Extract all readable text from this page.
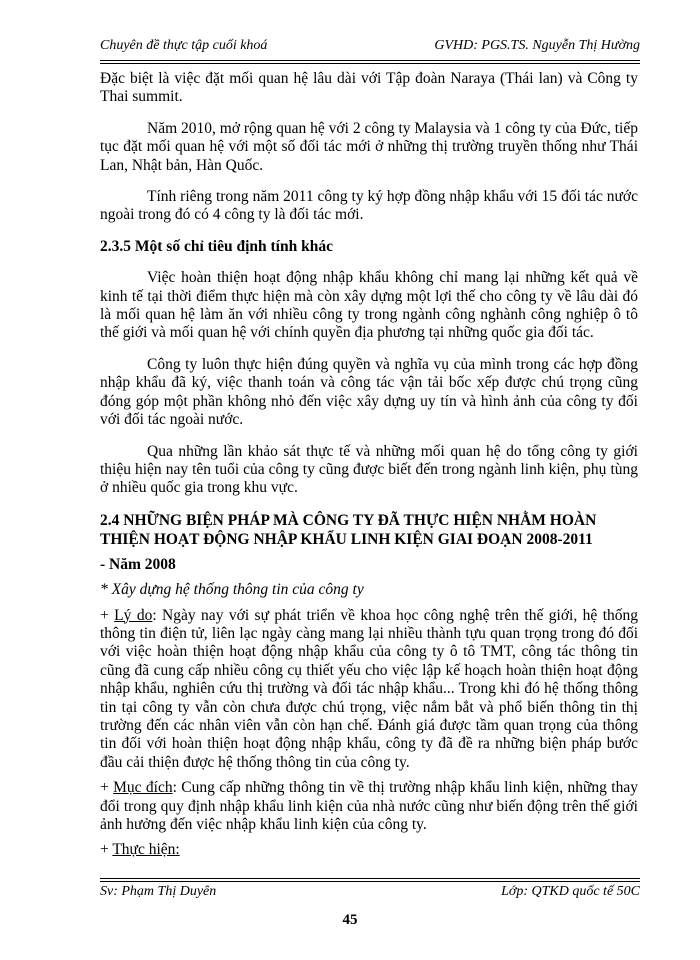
Chuyên đề thực tập cuối khoá	GVHD: PGS.TS. Nguyễn Thị Hường

Đặc biệt là việc đặt mối quan hệ lâu dài với Tập đoàn Naraya (Thái lan) và Công ty Thai summit.

Năm 2010, mở rộng quan hệ với 2 công ty Malaysia và 1 công ty của Đức, tiếp tục đặt mối quan hệ với một số đối tác mới ở những thị trường truyền thống như Thái Lan, Nhật bản, Hàn Quốc.

Tính riêng trong năm 2011 công ty ký hợp đồng nhập khẩu với 15 đối tác nước ngoài trong đó có 4 công ty là đối tác mới.

2.3.5 Một số chỉ tiêu định tính khác

Việc hoàn thiện hoạt động nhập khẩu không chỉ mang lại những kết quả về kinh tế tại thời điểm thực hiện mà còn xây dựng một lợi thế cho công ty về lâu dài đó là mối quan hệ làm ăn với nhiều công ty trong ngành công nghành công nghiệp ô tô thế giới và mối quan hệ với chính quyền địa phương tại những quốc gia đối tác.

Công ty luôn thực hiện đúng quyền và nghĩa vụ của mình trong các hợp đồng nhập khẩu đã ký, việc thanh toán và công tác vận tải bốc xếp được chú trọng cũng đóng góp một phần không nhỏ đến việc xây dựng uy tín và hình ảnh của công ty đối với đối tác ngoài nước.

Qua những lần khảo sát thực tế và những mối quan hệ do tổng công ty giới thiệu hiện nay tên tuổi của công ty cũng được biết đến trong ngành linh kiện, phụ tùng ở nhiều quốc gia trong khu vực.

2.4 NHỮNG BIỆN PHÁP MÀ CÔNG TY ĐÃ THỰC HIỆN NHẰM HOÀN THIỆN HOẠT ĐỘNG NHẬP KHẨU LINH KIỆN GIAI ĐOẠN 2008-2011

- Năm 2008

* Xây dựng hệ thống thông tin của công ty

+ Lý do: Ngày nay với sự phát triển về khoa học công nghệ trên thế giới, hệ thống thông tin điện tử, liên lạc ngày càng mang lại nhiều thành tựu quan trọng trong đó đối với việc hoàn thiện hoạt động nhập khẩu của công ty ô tô TMT, công tác thông tin cũng đã cung cấp nhiều công cụ thiết yếu cho việc lập kế hoạch hoàn thiện hoạt động nhập khẩu, nghiên cứu thị trường và đối tác nhập khẩu... Trong khi đó hệ thống thông tin tại công ty vẫn còn chưa được chú trọng, việc nắm bắt và phổ biến thông tin thị trường đến các nhân viên vẫn còn hạn chế. Đánh giá được tầm quan trọng của thông tin đối với hoàn thiện hoạt động nhập khẩu, công ty đã đề ra những biện pháp bước đầu cải thiện được hệ thống thông tin của công ty.

+ Mục đích: Cung cấp những thông tin về thị trường nhập khẩu linh kiện, những thay đổi trong quy định nhập khẩu linh kiện của nhà nước cũng như biến động trên thế giới ảnh hưởng đến việc nhập khẩu linh kiện của công ty.

+ Thực hiện:

Sv: Phạm Thị Duyên	Lớp: QTKD quốc tế 50C
45
